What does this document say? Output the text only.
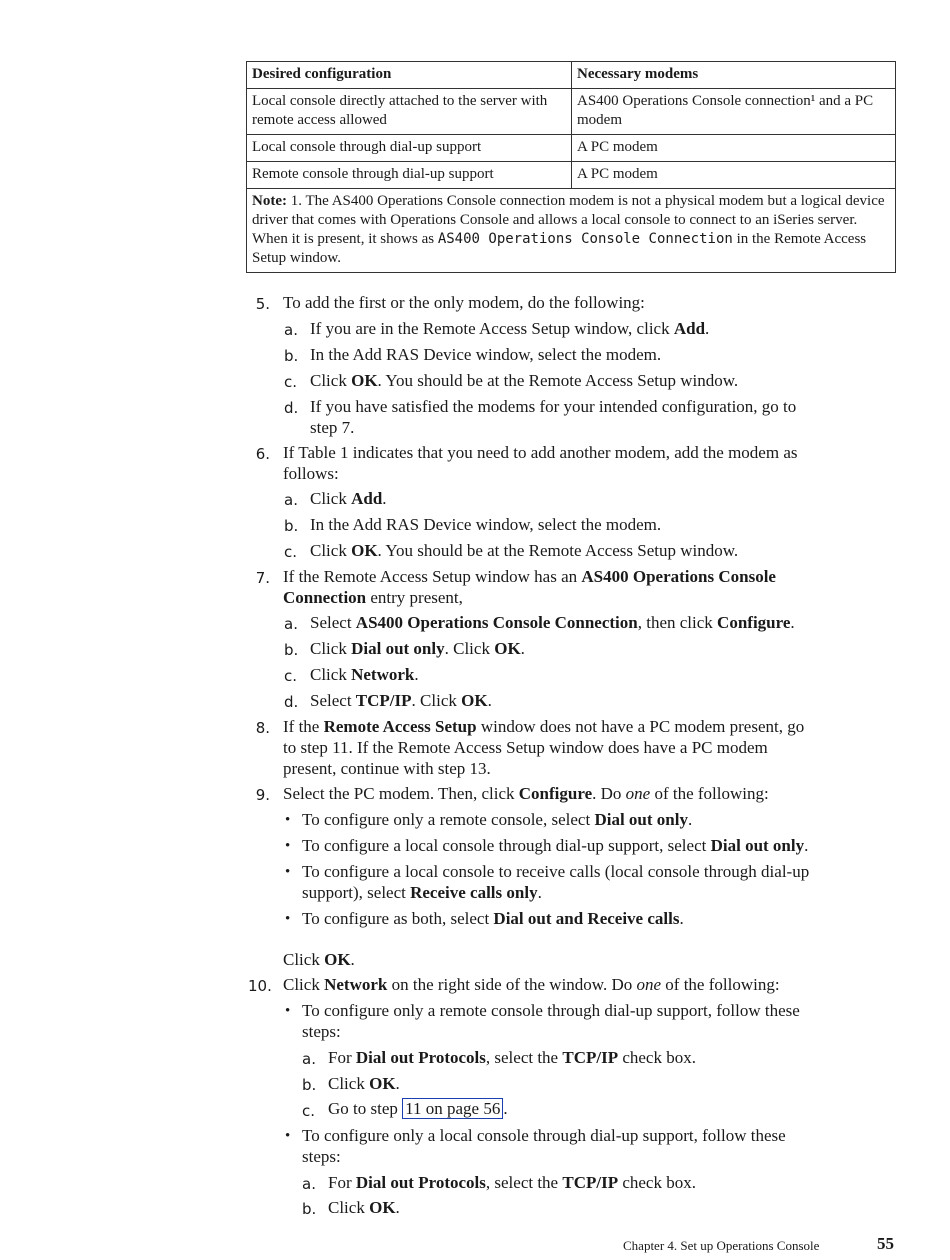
Desired configuration	Necessary modems
Local console directly attached to the server with remote access allowed	AS400 Operations Console connection¹ and a PC modem
Local console through dial-up support	A PC modem
Remote console through dial-up support	A PC modem
Note: 1. The AS400 Operations Console connection modem is not a physical modem but a logical device driver that comes with Operations Console and allows a local console to connect to an iSeries server. When it is present, it shows as AS400 Operations Console Connection in the Remote Access Setup window.	
5. To add the first or the only modem, do the following:
a. If you are in the Remote Access Setup window, click Add.
b. In the Add RAS Device window, select the modem.
c. Click OK. You should be at the Remote Access Setup window.
d. If you have satisfied the modems for your intended configuration, go to
step 7.
6. If Table 1 indicates that you need to add another modem, add the modem as
follows:
a. Click Add.
b. In the Add RAS Device window, select the modem.
c. Click OK. You should be at the Remote Access Setup window.
7. If the Remote Access Setup window has an AS400 Operations Console
Connection entry present,
a. Select AS400 Operations Console Connection, then click Configure.
b. Click Dial out only. Click OK.
c. Click Network.
d. Select TCP/IP. Click OK.
8. If the Remote Access Setup window does not have a PC modem present, go
to step 11. If the Remote Access Setup window does have a PC modem
present, continue with step 13.
9. Select the PC modem. Then, click Configure. Do one of the following:
• To configure only a remote console, select Dial out only.
• To configure a local console through dial-up support, select Dial out only.
• To configure a local console to receive calls (local console through dial-up
support), select Receive calls only.
• To configure as both, select Dial out and Receive calls.
Click OK.
10. Click Network on the right side of the window. Do one of the following:
• To configure only a remote console through dial-up support, follow these
steps:
a. For Dial out Protocols, select the TCP/IP check box.
b. Click OK.
c. Go to step 11 on page 56 .
• To configure only a local console through dial-up support, follow these
steps:
a. For Dial out Protocols, select the TCP/IP check box.
b. Click OK.
Chapter 4. Set up Operations Console	55
